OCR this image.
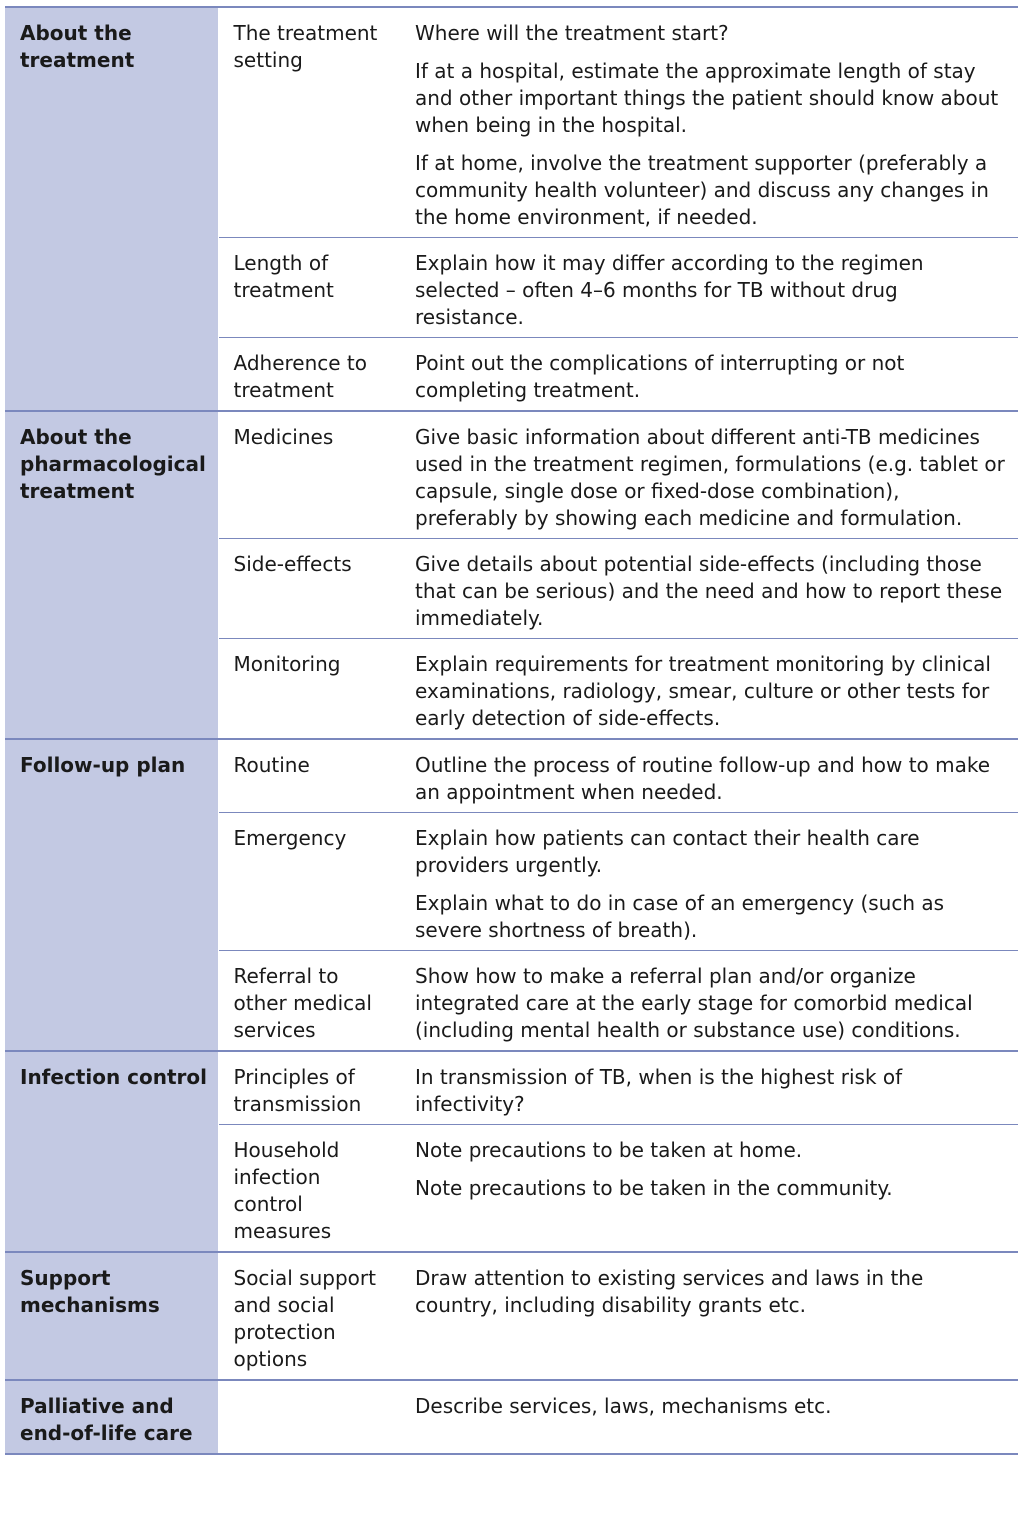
About the treatment	The treatment setting	Where will the treatment start?

If at a hospital, estimate the approximate length of stay and other important things the patient should know about when being in the hospital.

If at home, involve the treatment supporter (preferably a community health volunteer) and discuss any changes in the home environment, if needed.

	Length of treatment	Explain how it may differ according to the regimen selected – often 4–6 months for TB without drug resistance.

	Adherence to treatment	Point out the complications of interrupting or not completing treatment.

About the pharmacological treatment	Medicines	Give basic information about different anti-TB medicines used in the treatment regimen, formulations (e.g. tablet or capsule, single dose or fixed-dose combination), preferably by showing each medicine and formulation.

	Side-effects	Give details about potential side-effects (including those that can be serious) and the need and how to report these immediately.

	Monitoring	Explain requirements for treatment monitoring by clinical examinations, radiology, smear, culture or other tests for early detection of side-effects.

Follow-up plan	Routine	Outline the process of routine follow-up and how to make an appointment when needed.

	Emergency	Explain how patients can contact their health care providers urgently.

Explain what to do in case of an emergency (such as severe shortness of breath).

	Referral to other medical services	Show how to make a referral plan and/or organize integrated care at the early stage for comorbid medical (including mental health or substance use) conditions.

Infection control	Principles of transmission	In transmission of TB, when is the highest risk of infectivity?

	Household infection control measures	Note precautions to be taken at home.

Note precautions to be taken in the community.

Support mechanisms	Social support and social protection options	Draw attention to existing services and laws in the country, including disability grants etc.

Palliative and end-of-life care		Describe services, laws, mechanisms etc.
